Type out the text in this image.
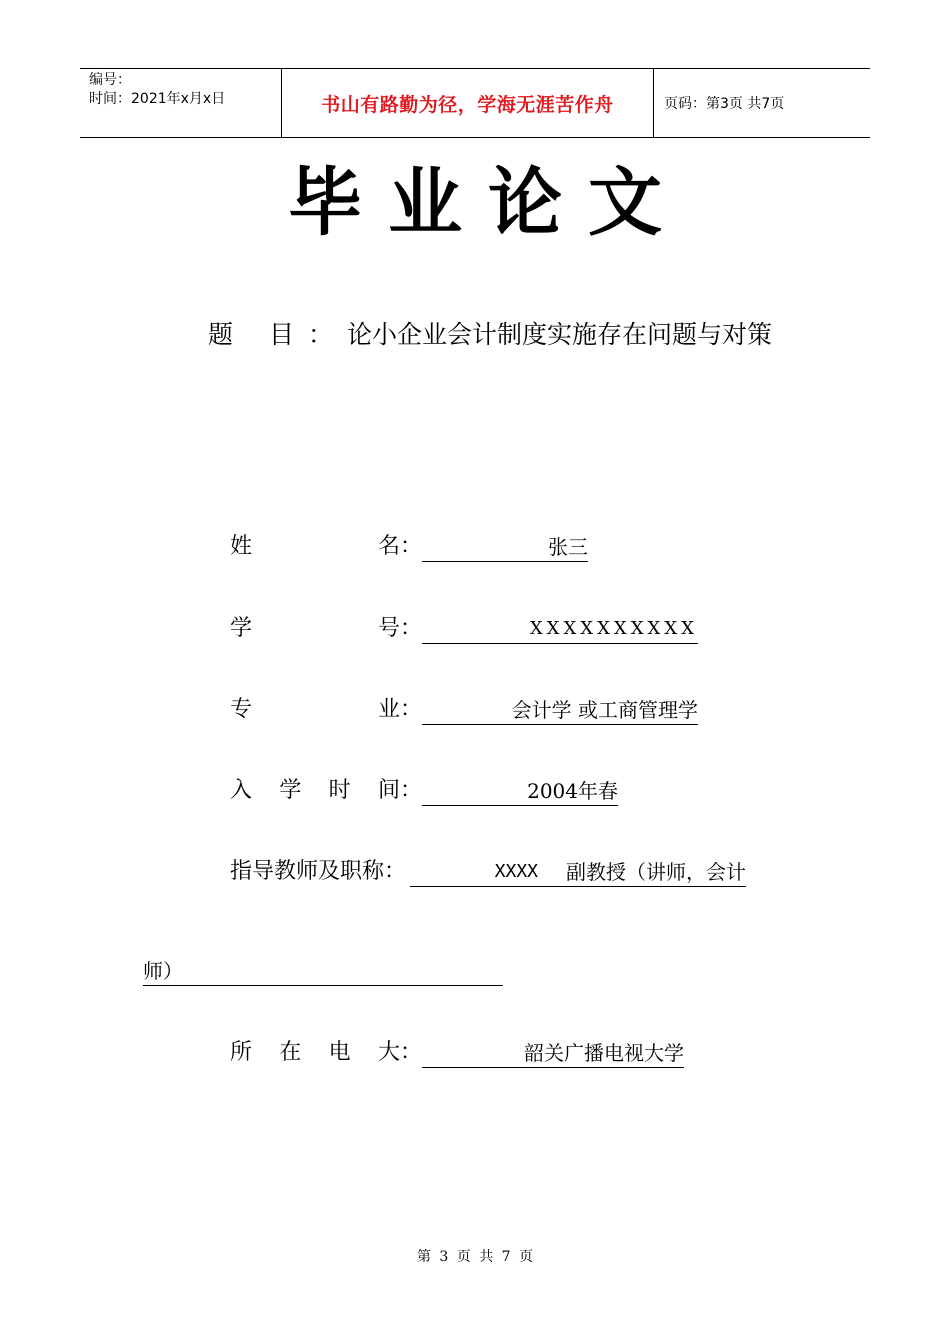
编号：
时间：2021年x月x日	书山有路勤为径，学海无涯苦作舟	页码：第3页 共7页
毕业论文
题 目：论小企业会计制度实施存在问题与对策
姓	名：	张三
学	号：	XXXXXXXXXX
专	业：	会计学 或工商管理学
入 学 时 间：	2004年春
指导教师及职称：	XXXX	副教授（讲师，会计
师）
所 在 电 大：	韶关广播电视大学
第 3 页 共 7 页
